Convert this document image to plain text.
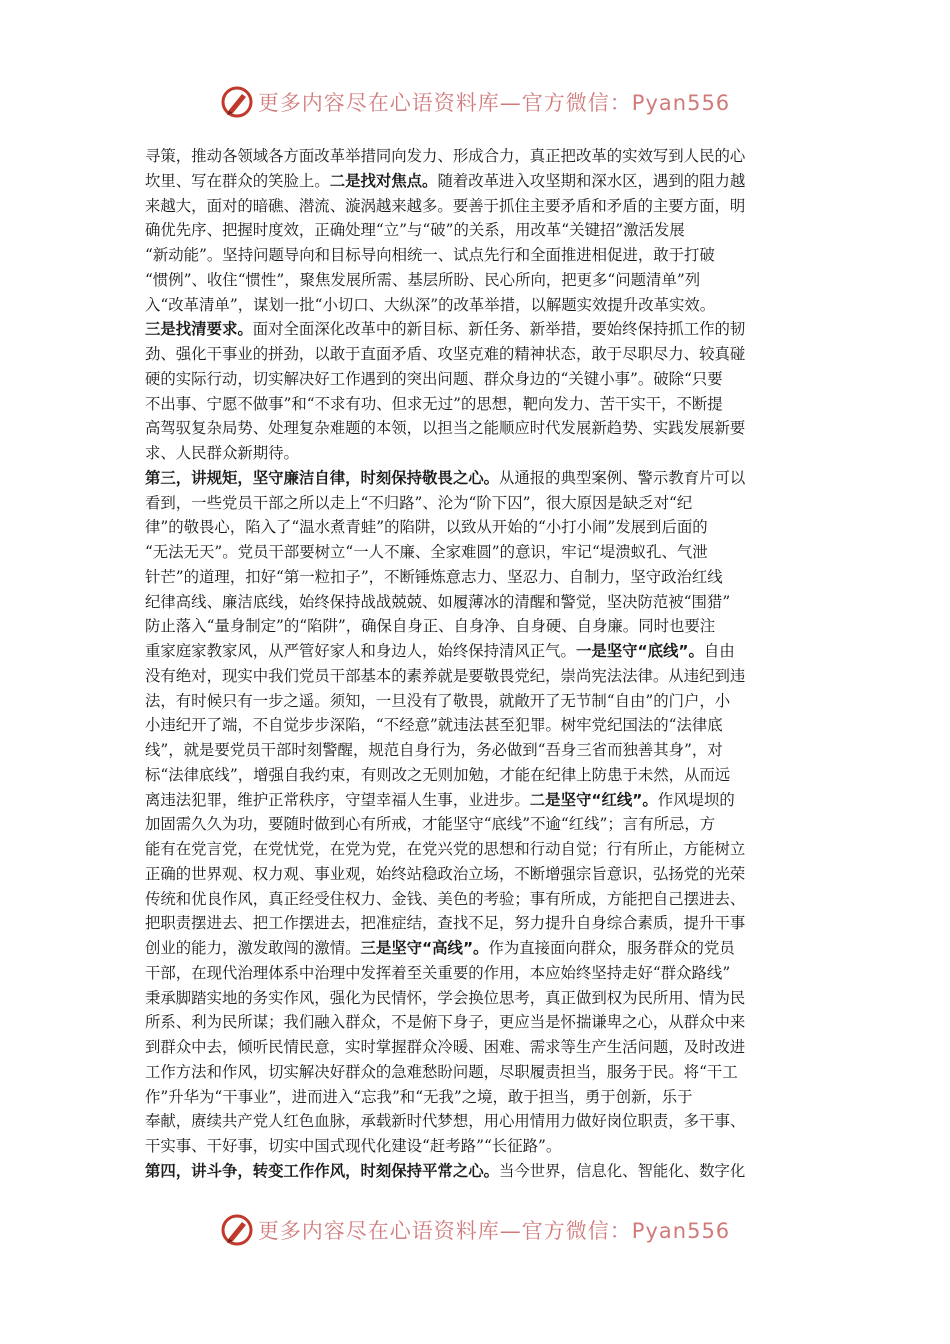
更多内容尽在心语资料库—官方微信：Pyan556
寻策，推动各领域各方面改革举措同向发力、形成合力，真正把改革的实效写到人民的心
坎里、写在群众的笑脸上。二是找对焦点。随着改革进入攻坚期和深水区，遇到的阻力越
来越大，面对的暗礁、潜流、漩涡越来越多。要善于抓住主要矛盾和矛盾的主要方面，明
确优先序、把握时度效，正确处理“立”与“破”的关系，用改革“关键招”激活发展
“新动能”。坚持问题导向和目标导向相统一、试点先行和全面推进相促进，敢于打破
“惯例”、收住“惯性”，聚焦发展所需、基层所盼、民心所向，把更多“问题清单”列
入“改革清单”，谋划一批“小切口、大纵深”的改革举措，以解题实效提升改革实效。
三是找清要求。面对全面深化改革中的新目标、新任务、新举措，要始终保持抓工作的韧
劲、强化干事业的拼劲，以敢于直面矛盾、攻坚克难的精神状态，敢于尽职尽力、较真碰
硬的实际行动，切实解决好工作遇到的突出问题、群众身边的“关键小事”。破除“只要
不出事、宁愿不做事”和“不求有功、但求无过”的思想，靶向发力、苦干实干，不断提
高驾驭复杂局势、处理复杂难题的本领，以担当之能顺应时代发展新趋势、实践发展新要
求、人民群众新期待。
第三，讲规矩，坚守廉洁自律，时刻保持敬畏之心。从通报的典型案例、警示教育片可以
看到，一些党员干部之所以走上“不归路”、沦为“阶下囚”，很大原因是缺乏对“纪
律”的敬畏心，陷入了“温水煮青蛙”的陷阱，以致从开始的“小打小闹”发展到后面的
“无法无天”。党员干部要树立“一人不廉、全家难圆”的意识，牢记“堤溃蚁孔、气泄
针芒”的道理，扣好“第一粒扣子”，不断锤炼意志力、坚忍力、自制力，坚守政治红线
纪律高线、廉洁底线，始终保持战战兢兢、如履薄冰的清醒和警觉，坚决防范被“围猎”
防止落入“量身制定”的“陷阱”，确保自身正、自身净、自身硬、自身廉。同时也要注
重家庭家教家风，从严管好家人和身边人，始终保持清风正气。一是坚守“底线”。自由
没有绝对，现实中我们党员干部基本的素养就是要敬畏党纪，崇尚宪法法律。从违纪到违
法，有时候只有一步之遥。须知，一旦没有了敬畏，就敞开了无节制“自由”的门户，小
小违纪开了端，不自觉步步深陷，“不经意”就违法甚至犯罪。树牢党纪国法的“法律底
线”，就是要党员干部时刻警醒，规范自身行为，务必做到“吾身三省而独善其身”，对
标“法律底线”，增强自我约束，有则改之无则加勉，才能在纪律上防患于未然，从而远
离违法犯罪，维护正常秩序，守望幸福人生事，业进步。二是坚守“红线”。作风堤坝的
加固需久久为功，要随时做到心有所戒，才能坚守“底线”不逾“红线”；言有所忌，方
能有在党言党，在党忧党，在党为党，在党兴党的思想和行动自觉；行有所止，方能树立
正确的世界观、权力观、事业观，始终站稳政治立场，不断增强宗旨意识，弘扬党的光荣
传统和优良作风，真正经受住权力、金钱、美色的考验；事有所成，方能把自己摆进去、
把职责摆进去、把工作摆进去，把准症结，查找不足，努力提升自身综合素质，提升干事
创业的能力，激发敢闯的激情。三是坚守“高线”。作为直接面向群众，服务群众的党员
干部，在现代治理体系中治理中发挥着至关重要的作用，本应始终坚持走好“群众路线”
秉承脚踏实地的务实作风，强化为民情怀，学会换位思考，真正做到权为民所用、情为民
所系、利为民所谋；我们融入群众，不是俯下身子，更应当是怀揣谦卑之心，从群众中来
到群众中去，倾听民情民意，实时掌握群众冷暖、困难、需求等生产生活问题，及时改进
工作方法和作风，切实解决好群众的急难愁盼问题，尽职履责担当，服务于民。将“干工
作”升华为“干事业”，进而进入“忘我”和“无我”之境，敢于担当，勇于创新，乐于
奉献，赓续共产党人红色血脉，承载新时代梦想，用心用情用力做好岗位职责，多干事、
干实事、干好事，切实中国式现代化建设“赶考路”“长征路”。
第四，讲斗争，转变工作作风，时刻保持平常之心。当今世界，信息化、智能化、数字化
更多内容尽在心语资料库—官方微信：Pyan556
